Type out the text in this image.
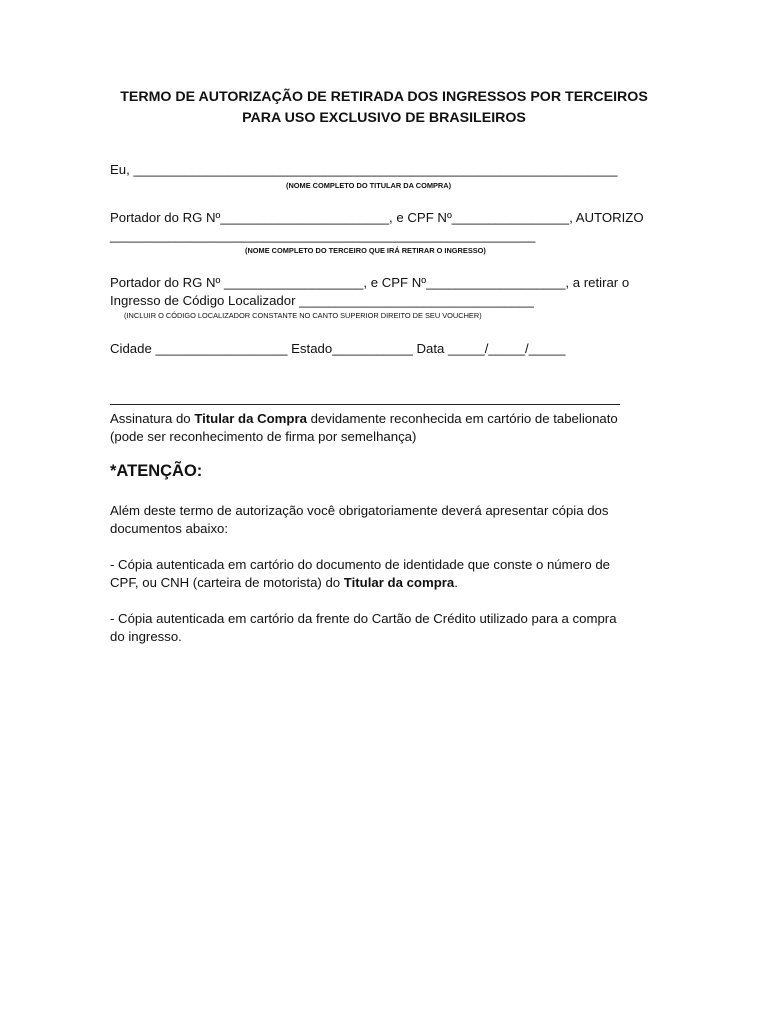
TERMO DE AUTORIZAÇÃO DE RETIRADA DOS INGRESSOS POR TERCEIROS
PARA USO EXCLUSIVO DE BRASILEIROS
Eu, __________________________________________________________________
(NOME COMPLETO DO TITULAR DA COMPRA)
Portador do RG Nº_______________________, e CPF Nº________________, AUTORIZO
__________________________________________________________
(NOME COMPLETO DO TERCEIRO QUE IRÁ RETIRAR O INGRESSO)
Portador do RG Nº ___________________, e CPF Nº___________________, a retirar o
Ingresso de Código Localizador ________________________________
(INCLUIR O CÓDIGO LOCALIZADOR CONSTANTE NO CANTO SUPERIOR DIREITO DE SEU VOUCHER)
Cidade __________________ Estado___________ Data _____/_____/_____
Assinatura do Titular da Compra devidamente reconhecida em cartório de tabelionato
(pode ser reconhecimento de firma por semelhança)
*ATENÇÃO:
Além deste termo de autorização você obrigatoriamente deverá apresentar cópia dos
documentos abaixo:
- Cópia autenticada em cartório do documento de identidade que conste o número de
CPF, ou CNH (carteira de motorista) do Titular da compra.
- Cópia autenticada em cartório da frente do Cartão de Crédito utilizado para a compra
do ingresso.
